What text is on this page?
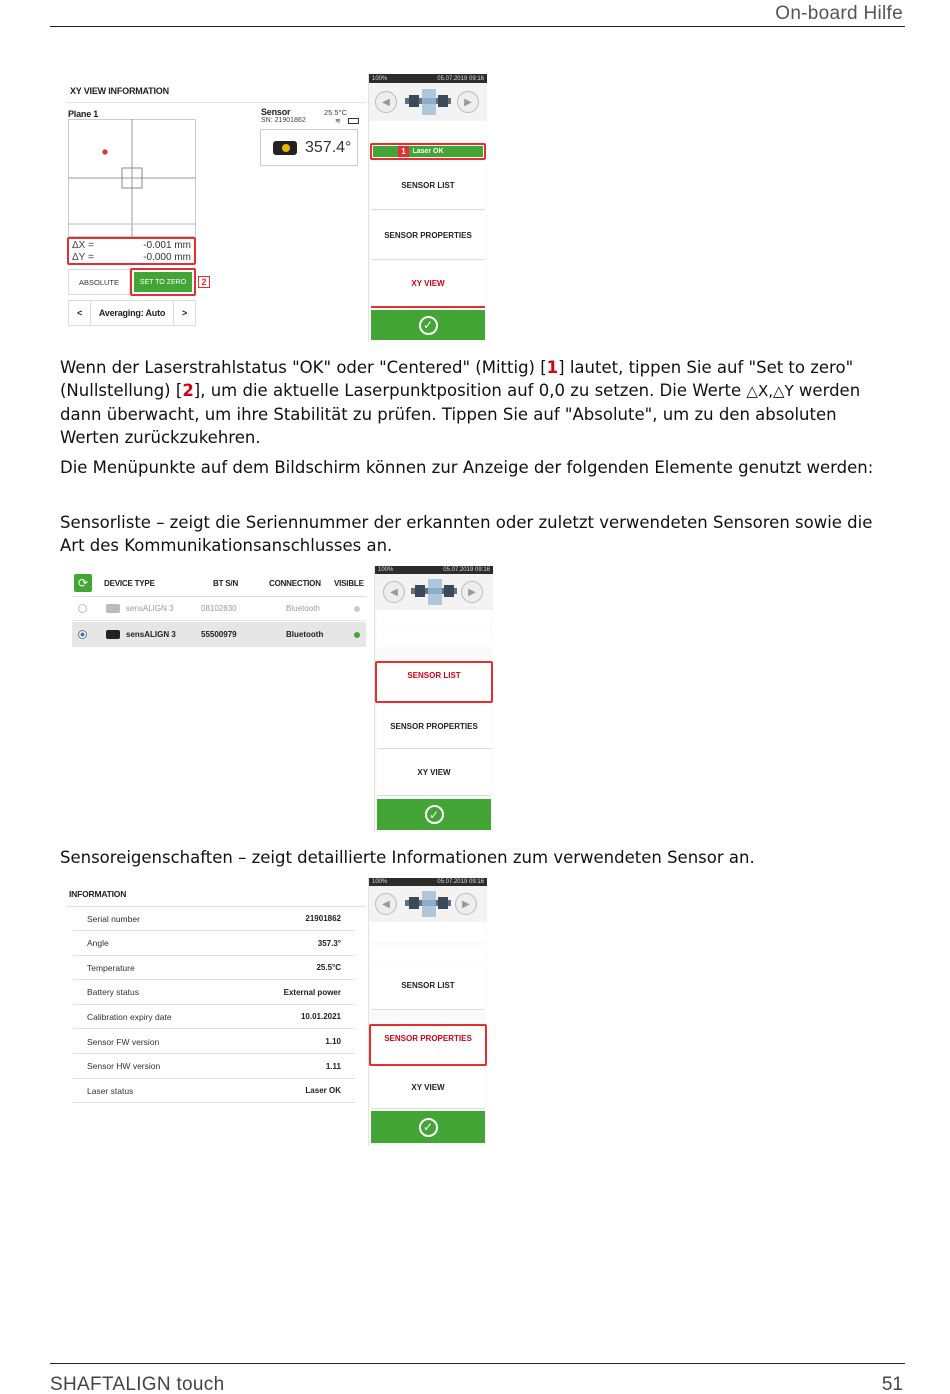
On-board Hilfe
XY VIEW INFORMATION
Plane 1
ΔX =	-0.001 mm
ΔY =	-0.000 mm
ABSOLUTE	SET TO ZERO	2
<	Averaging: Auto	>
Sensor	25.5°C
SN: 21901862	≋
357.4°
100%	05.07.2019 09:16
◀	▶
LASER ADJUSTMENT
1 Laser OK
SENSOR LIST
SENSOR PROPERTIES
XY VIEW
✓
Wenn der Laserstrahlstatus "OK" oder "Centered" (Mittig) [1] lautet, tippen Sie auf "Set to zero" (Nullstellung) [2], um die aktuelle Laserpunktposition auf 0,0 zu setzen. Die Werte △X,△Y werden dann überwacht, um ihre Stabilität zu prüfen. Tippen Sie auf "Absolute", um zu den absoluten Werten zurückzukehren.
Die Menüpunkte auf dem Bildschirm können zur Anzeige der folgenden Elemente genutzt werden:
Sensorliste – zeigt die Seriennummer der erkannten oder zuletzt verwendeten Sensoren sowie die Art des Kommunikationsanschlusses an.
⟳	DEVICE TYPE	BT S/N	CONNECTION VISIBLE
sensALIGN 3	08102830	Bluetooth
sensALIGN 3	55500979	Bluetooth
100%	05.07.2019 09:16
◀	▶
LASER ADJUSTMENT
Laser OK
SENSOR LIST
SENSOR PROPERTIES
XY VIEW
✓
Sensoreigenschaften – zeigt detaillierte Informationen zum verwendeten Sensor an.
INFORMATION
Serial number	21901862
Angle	357.3°
Temperature	25.5°C
Battery status	External power
Calibration expiry date	10.01.2021
Sensor FW version	1.10
Sensor HW version	1.11
Laser status	Laser OK
100%	05.07.2019 09:16
◀	▶
LASER ADJUSTMENT
Laser OK
SENSOR LIST
SENSOR PROPERTIES
XY VIEW
✓
SHAFTALIGN touch	51
